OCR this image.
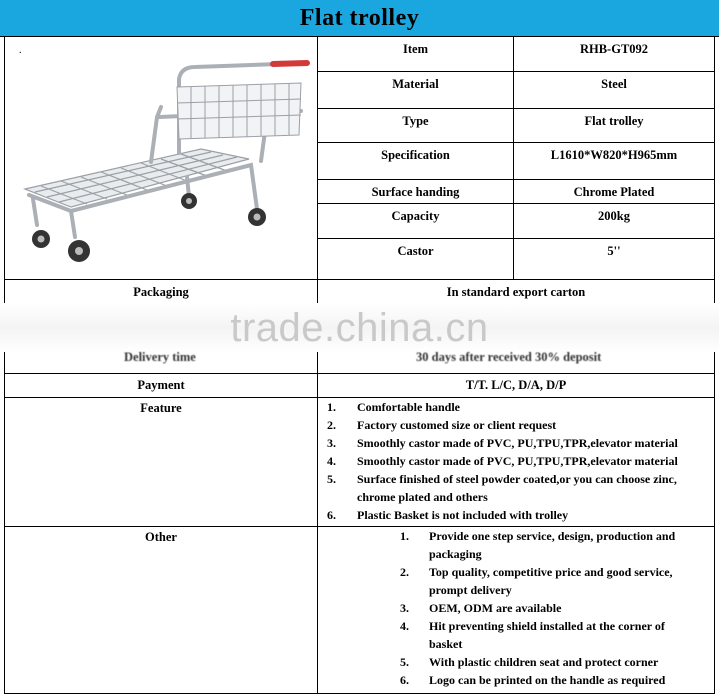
Flat trolley
.	Item	RHB-GT092
Material	Steel
Type	Flat trolley
Specification	L1610*W820*H965mm
Surface handing	Chrome Plated
Capacity	200kg
Castor	5''
Packaging	In standard export carton
trade.china.cn
Delivery time	30 days after received 30% deposit
Payment	T/T. L/C, D/A, D/P
Feature	1.	Comfortable handle
2.	Factory customed size or client request
3.	Smoothly castor made of PVC, PU,TPU,TPR,elevator material
4.	Smoothly castor made of PVC, PU,TPU,TPR,elevator material
5.	Surface finished of steel powder coated,or you can choose zinc, chrome plated and others
6.	Plastic Basket is not included with trolley
Other	1.	Provide one step service, design, production and packaging
2.	Top quality, competitive price and good service, prompt delivery
3.	OEM, ODM are available
4.	Hit preventing shield installed at the corner of basket
5.	With plastic children seat and protect corner
6.	Logo can be printed on the handle as required
